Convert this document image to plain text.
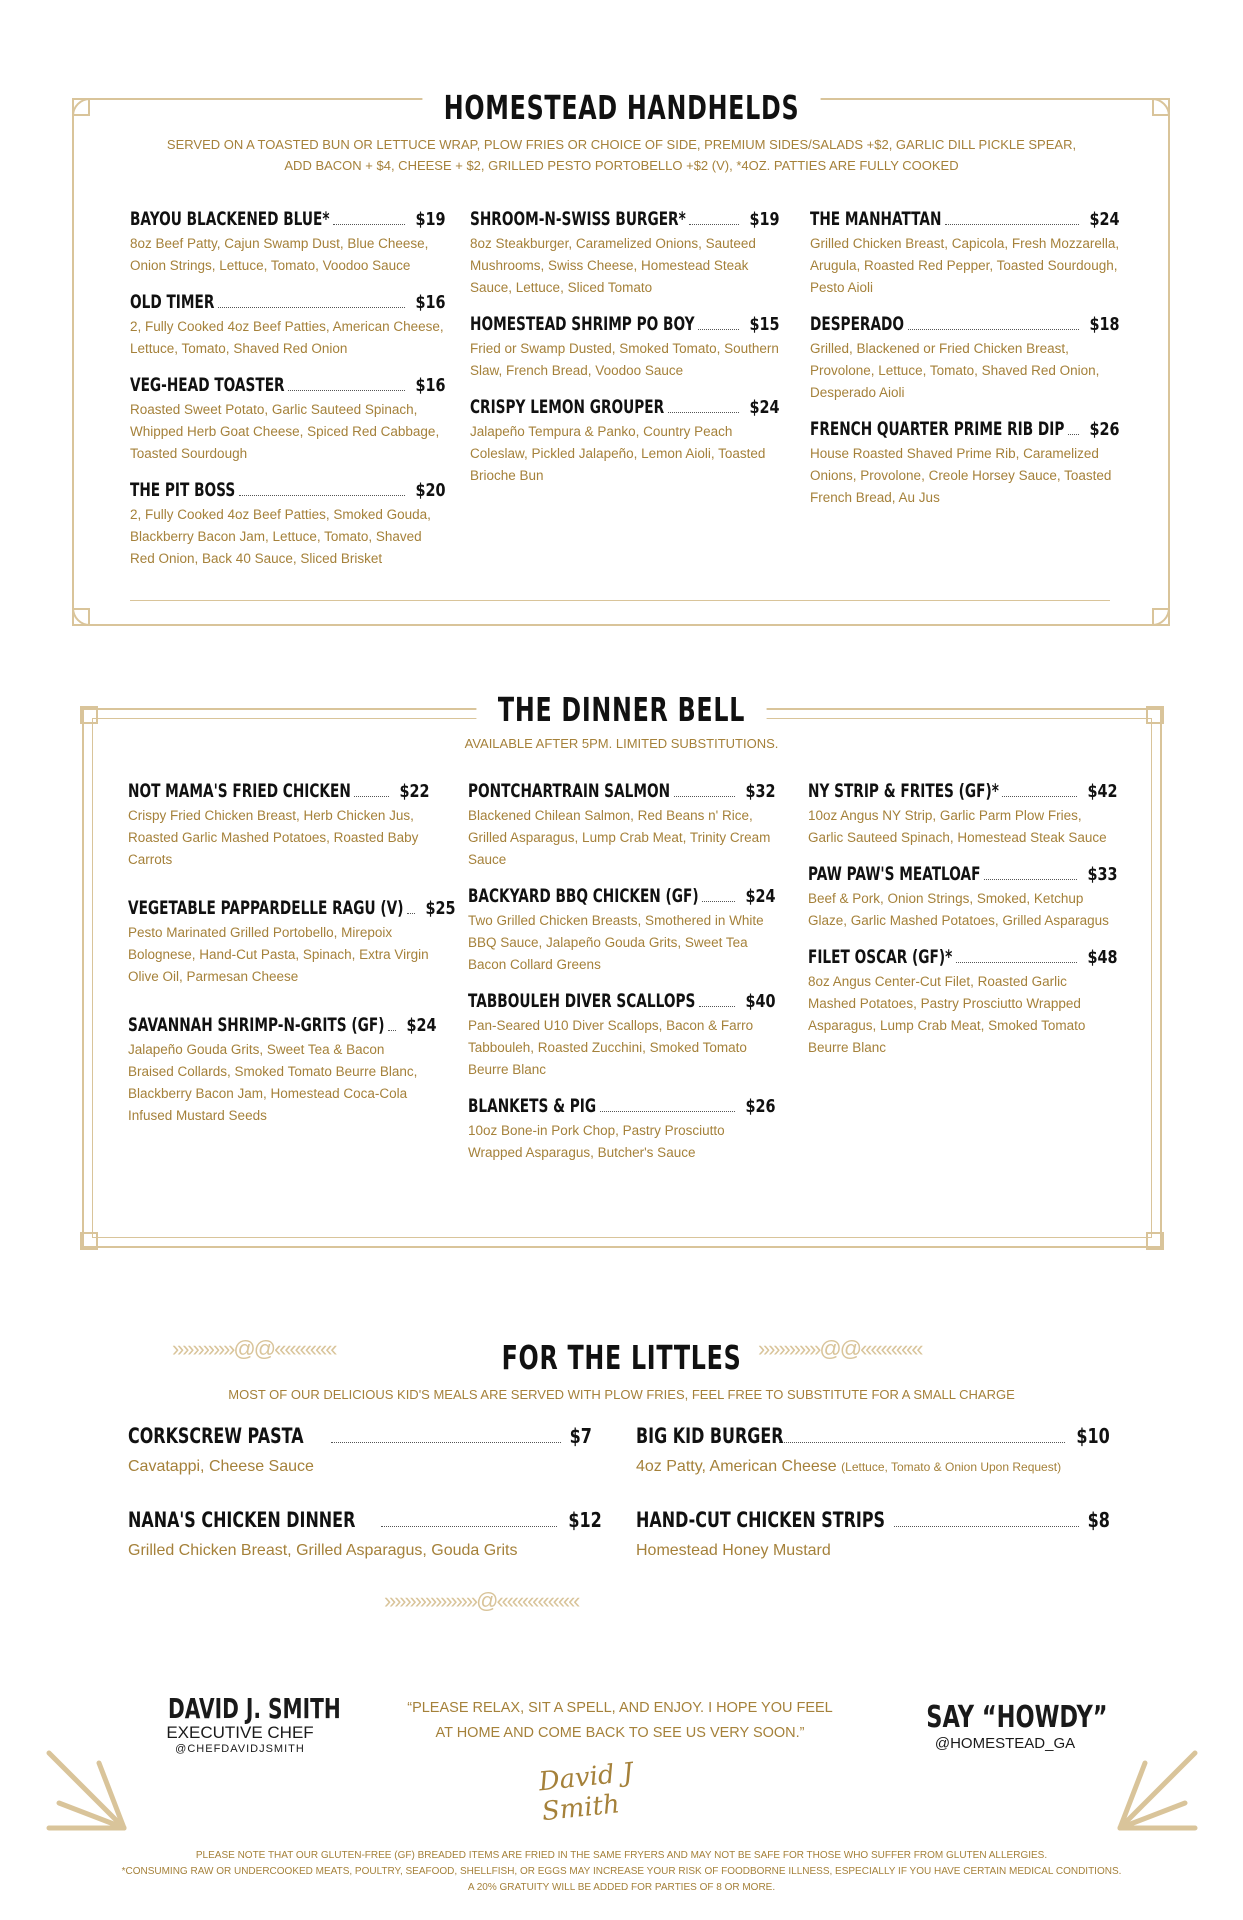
HOMESTEAD HANDHELDS
SERVED ON A TOASTED BUN OR LETTUCE WRAP, PLOW FRIES OR CHOICE OF SIDE, PREMIUM SIDES/SALADS +$2, GARLIC DILL PICKLE SPEAR,
ADD BACON + $4, CHEESE + $2, GRILLED PESTO PORTOBELLO +$2 (V), *4OZ. PATTIES ARE FULLY COOKED
BAYOU BLACKENED BLUE*	$19
8oz Beef Patty, Cajun Swamp Dust, Blue Cheese, Onion Strings, Lettuce, Tomato, Voodoo Sauce
OLD TIMER	$16
2, Fully Cooked 4oz Beef Patties, American Cheese, Lettuce, Tomato, Shaved Red Onion
VEG-HEAD TOASTER	$16
Roasted Sweet Potato, Garlic Sauteed Spinach, Whipped Herb Goat Cheese, Spiced Red Cabbage, Toasted Sourdough
THE PIT BOSS	$20
2, Fully Cooked 4oz Beef Patties, Smoked Gouda, Blackberry Bacon Jam, Lettuce, Tomato, Shaved Red Onion, Back 40 Sauce, Sliced Brisket
SHROOM-N-SWISS BURGER*	$19
8oz Steakburger, Caramelized Onions, Sauteed Mushrooms, Swiss Cheese, Homestead Steak Sauce, Lettuce, Sliced Tomato
HOMESTEAD SHRIMP PO BOY	$15
Fried or Swamp Dusted, Smoked Tomato, Southern Slaw, French Bread, Voodoo Sauce
CRISPY LEMON GROUPER	$24
Jalapeño Tempura & Panko, Country Peach Coleslaw, Pickled Jalapeño, Lemon Aioli, Toasted Brioche Bun
THE MANHATTAN	$24
Grilled Chicken Breast, Capicola, Fresh Mozzarella, Arugula, Roasted Red Pepper, Toasted Sourdough, Pesto Aioli
DESPERADO	$18
Grilled, Blackened or Fried Chicken Breast, Provolone, Lettuce, Tomato, Shaved Red Onion, Desperado Aioli
FRENCH QUARTER PRIME RIB DIP $26
House Roasted Shaved Prime Rib, Caramelized Onions, Provolone, Creole Horsey Sauce, Toasted French Bread, Au Jus
THE DINNER BELL
AVAILABLE AFTER 5PM. LIMITED SUBSTITUTIONS.
NOT MAMA'S FRIED CHICKEN	$22
Crispy Fried Chicken Breast, Herb Chicken Jus, Roasted Garlic Mashed Potatoes, Roasted Baby Carrots
VEGETABLE PAPPARDELLE RAGU (V) $25
Pesto Marinated Grilled Portobello, Mirepoix Bolognese, Hand-Cut Pasta, Spinach, Extra Virgin Olive Oil, Parmesan Cheese
SAVANNAH SHRIMP-N-GRITS (GF) $24
Jalapeño Gouda Grits, Sweet Tea & Bacon Braised Collards, Smoked Tomato Beurre Blanc, Blackberry Bacon Jam, Homestead Coca-Cola Infused Mustard Seeds
PONTCHARTRAIN SALMON	$32
Blackened Chilean Salmon, Red Beans n' Rice, Grilled Asparagus, Lump Crab Meat, Trinity Cream Sauce
BACKYARD BBQ CHICKEN (GF)	$24
Two Grilled Chicken Breasts, Smothered in White BBQ Sauce, Jalapeño Gouda Grits, Sweet Tea Bacon Collard Greens
TABBOULEH DIVER SCALLOPS	$40
Pan-Seared U10 Diver Scallops, Bacon & Farro Tabbouleh, Roasted Zucchini, Smoked Tomato Beurre Blanc
BLANKETS & PIG	$26
10oz Bone-in Pork Chop, Pastry Prosciutto Wrapped Asparagus, Butcher's Sauce
NY STRIP & FRITES (GF)*	$42
10oz Angus NY Strip, Garlic Parm Plow Fries, Garlic Sauteed Spinach, Homestead Steak Sauce
PAW PAW'S MEATLOAF	$33
Beef & Pork, Onion Strings, Smoked, Ketchup Glaze, Garlic Mashed Potatoes, Grilled Asparagus
FILET OSCAR (GF)*	$48
8oz Angus Center-Cut Filet, Roasted Garlic Mashed Potatoes, Pastry Prosciutto Wrapped Asparagus, Lump Crab Meat, Smoked Tomato Beurre Blanc
»»»»»»@@««««««	»»»»»»@@««««««
FOR THE LITTLES
MOST OF OUR DELICIOUS KID'S MEALS ARE SERVED WITH PLOW FRIES, FEEL FREE TO SUBSTITUTE FOR A SMALL CHARGE
CORKSCREW PASTA	$7
Cavatappi, Cheese Sauce
BIG KID BURGER	$10
4oz Patty, American Cheese (Lettuce, Tomato & Onion Upon Request)
NANA'S CHICKEN DINNER	$12
Grilled Chicken Breast, Grilled Asparagus, Gouda Grits
HAND-CUT CHICKEN STRIPS	$8
Homestead Honey Mustard
»»»»»»»»»@««««««««
DAVID J. SMITH
EXECUTIVE CHEF
@CHEFDAVIDJSMITH
“PLEASE RELAX, SIT A SPELL, AND ENJOY. I HOPE YOU FEEL
AT HOME AND COME BACK TO SEE US VERY SOON.”
David J Smith
SAY “HOWDY”
@HOMESTEAD_GA
PLEASE NOTE THAT OUR GLUTEN-FREE (GF) BREADED ITEMS ARE FRIED IN THE SAME FRYERS AND MAY NOT BE SAFE FOR THOSE WHO SUFFER FROM GLUTEN ALLERGIES.
*CONSUMING RAW OR UNDERCOOKED MEATS, POULTRY, SEAFOOD, SHELLFISH, OR EGGS MAY INCREASE YOUR RISK OF FOODBORNE ILLNESS, ESPECIALLY IF YOU HAVE CERTAIN MEDICAL CONDITIONS.
A 20% GRATUITY WILL BE ADDED FOR PARTIES OF 8 OR MORE.
